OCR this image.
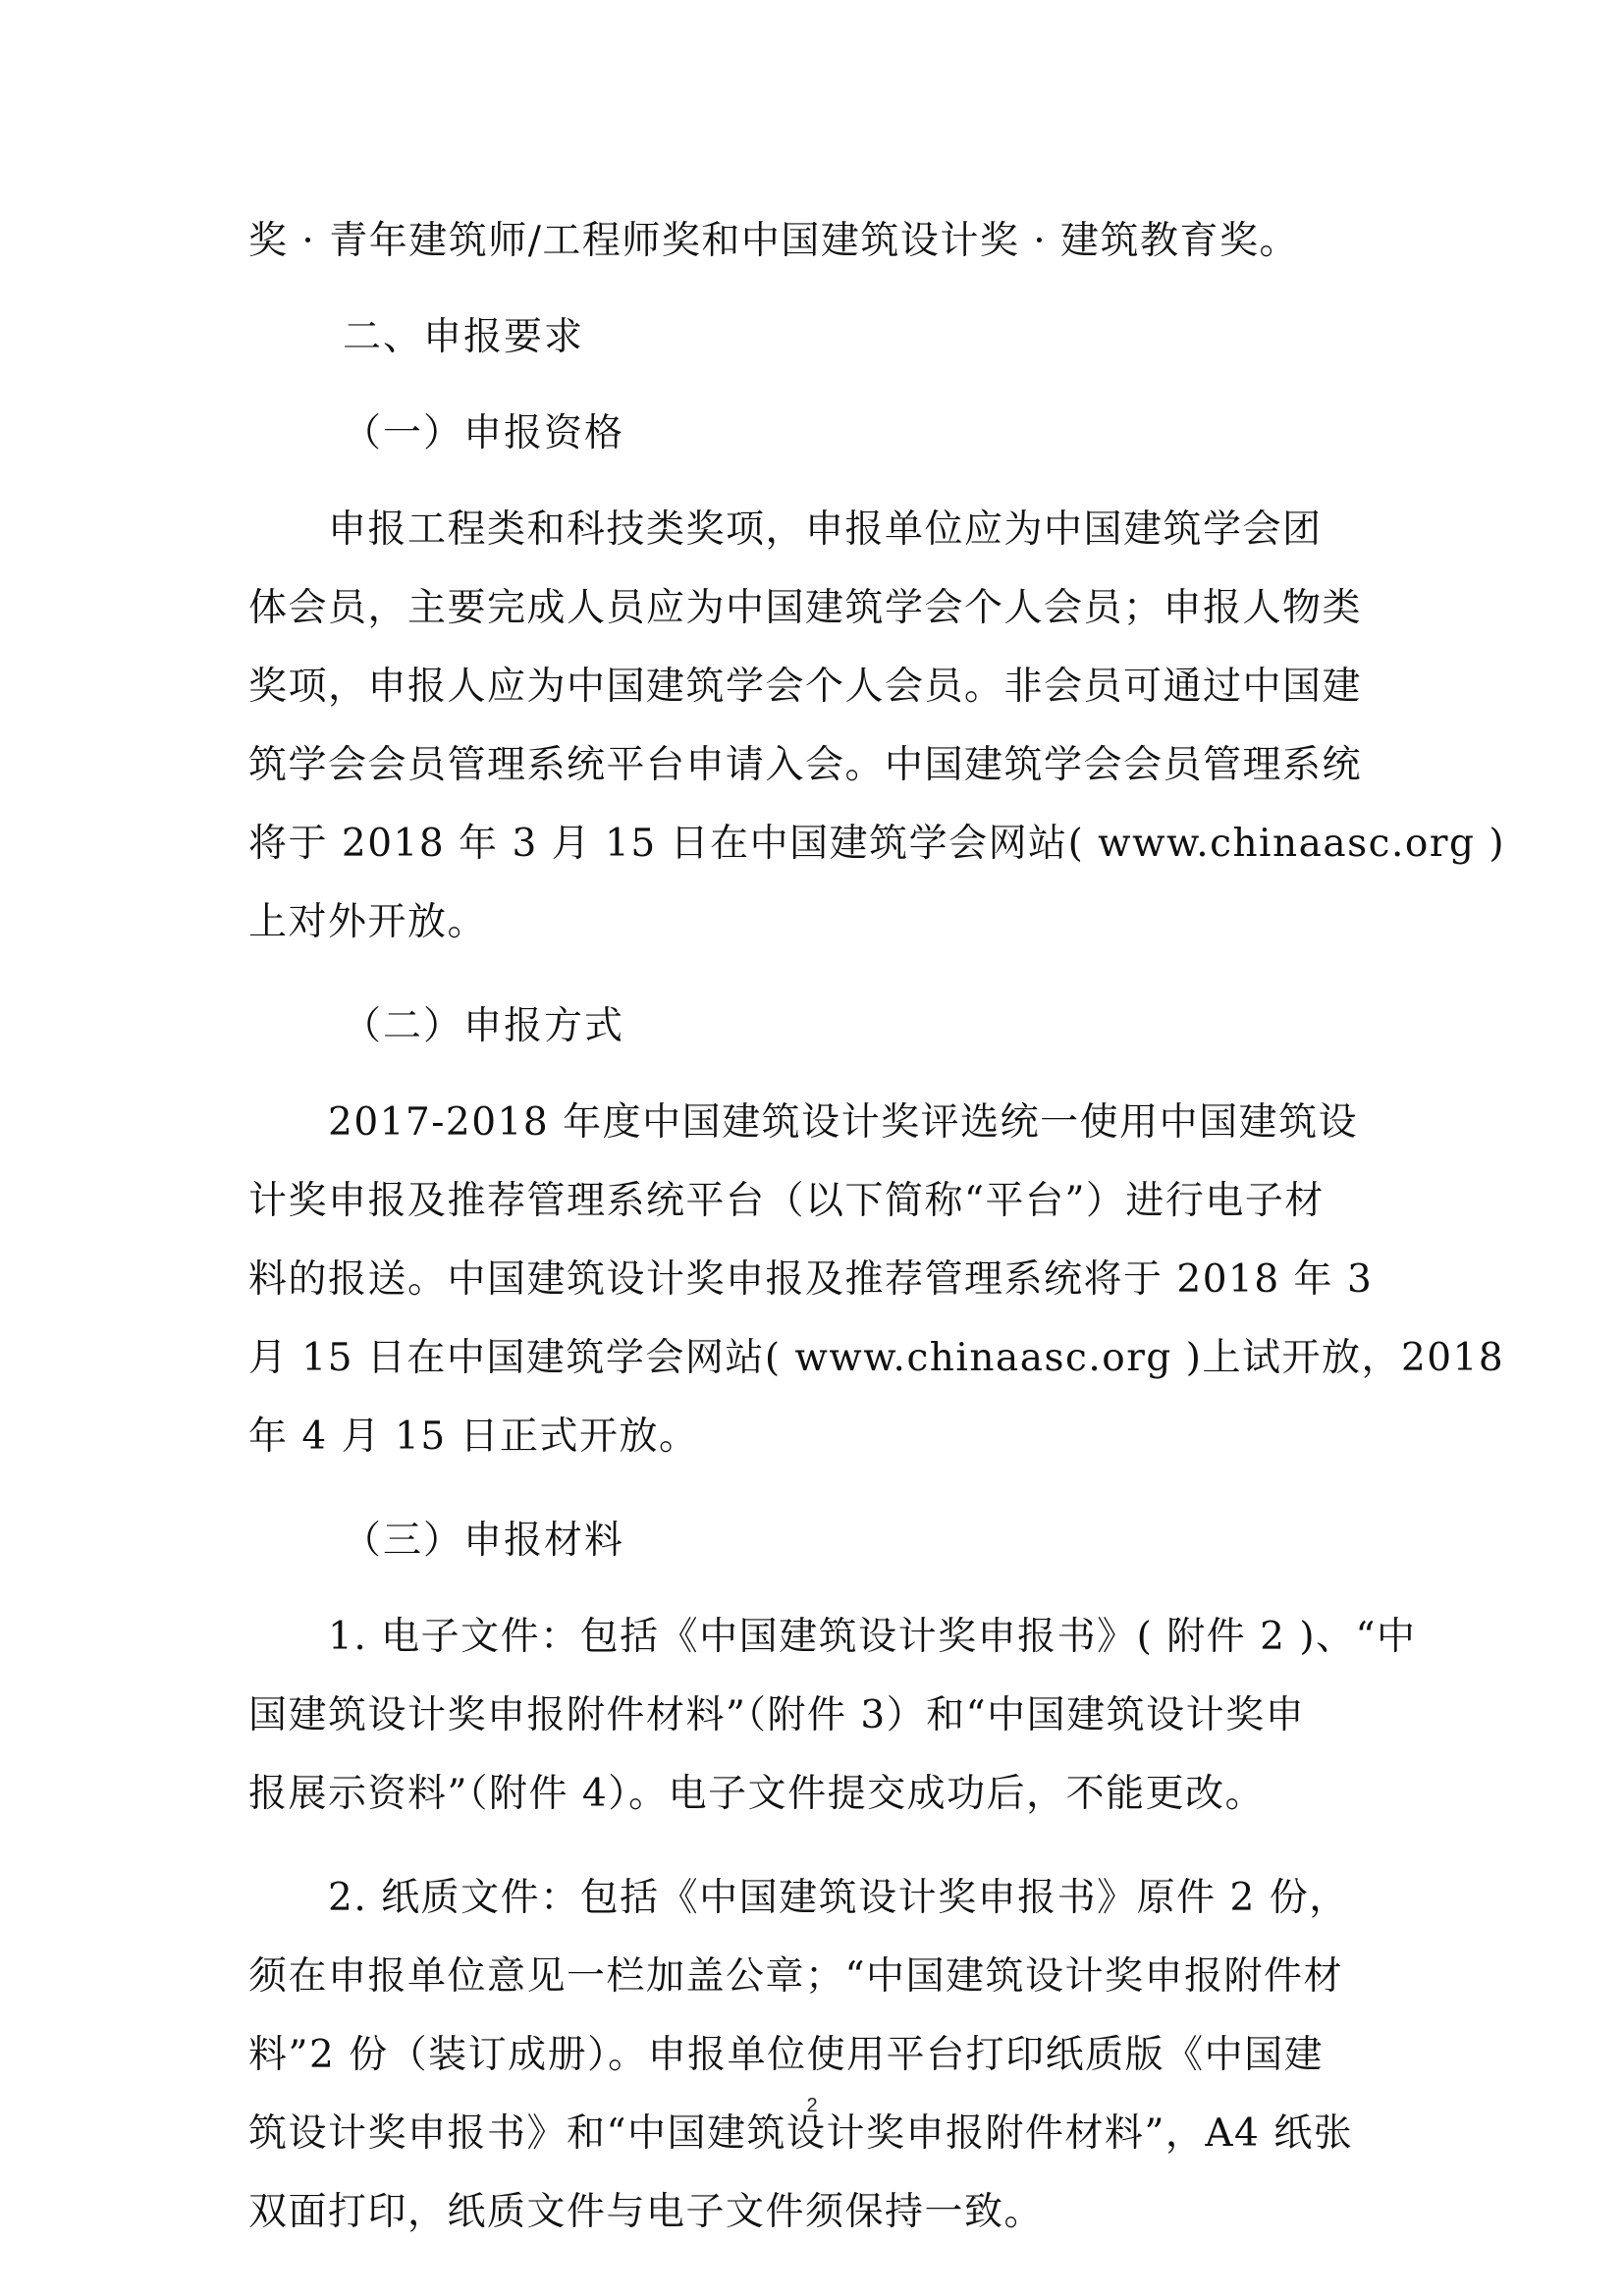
奖 · 青年建筑师/工程师奖和中国建筑设计奖 · 建筑教育奖。

二、申报要求

（一）申报资格

　　申报工程类和科技类奖项，申报单位应为中国建筑学会团

体会员，主要完成人员应为中国建筑学会个人会员；申报人物类

奖项，申报人应为中国建筑学会个人会员。非会员可通过中国建

筑学会会员管理系统平台申请入会。中国建筑学会会员管理系统

将于 2018 年 3 月 15 日在中国建筑学会网站( www.chinaasc.org )

上对外开放。

（二）申报方式

　　2017-2018 年度中国建筑设计奖评选统一使用中国建筑设

计奖申报及推荐管理系统平台（以下简称“平台”）进行电子材

料的报送。中国建筑设计奖申报及推荐管理系统将于 2018 年 3

月 15 日在中国建筑学会网站( www.chinaasc.org )上试开放，2018

年 4 月 15 日正式开放。

（三）申报材料

　　1. 电子文件：包括《中国建筑设计奖申报书》( 附件 2 )、“中

国建筑设计奖申报附件材料”（附件 3）和“中国建筑设计奖申

报展示资料”（附件 4）。电子文件提交成功后，不能更改。

　　2. 纸质文件：包括《中国建筑设计奖申报书》原件 2 份，

须在申报单位意见一栏加盖公章；“中国建筑设计奖申报附件材

料”2 份（装订成册）。申报单位使用平台打印纸质版《中国建

筑设计奖申报书》和“中国建筑设计奖申报附件材料”，A4 纸张

双面打印，纸质文件与电子文件须保持一致。

2
